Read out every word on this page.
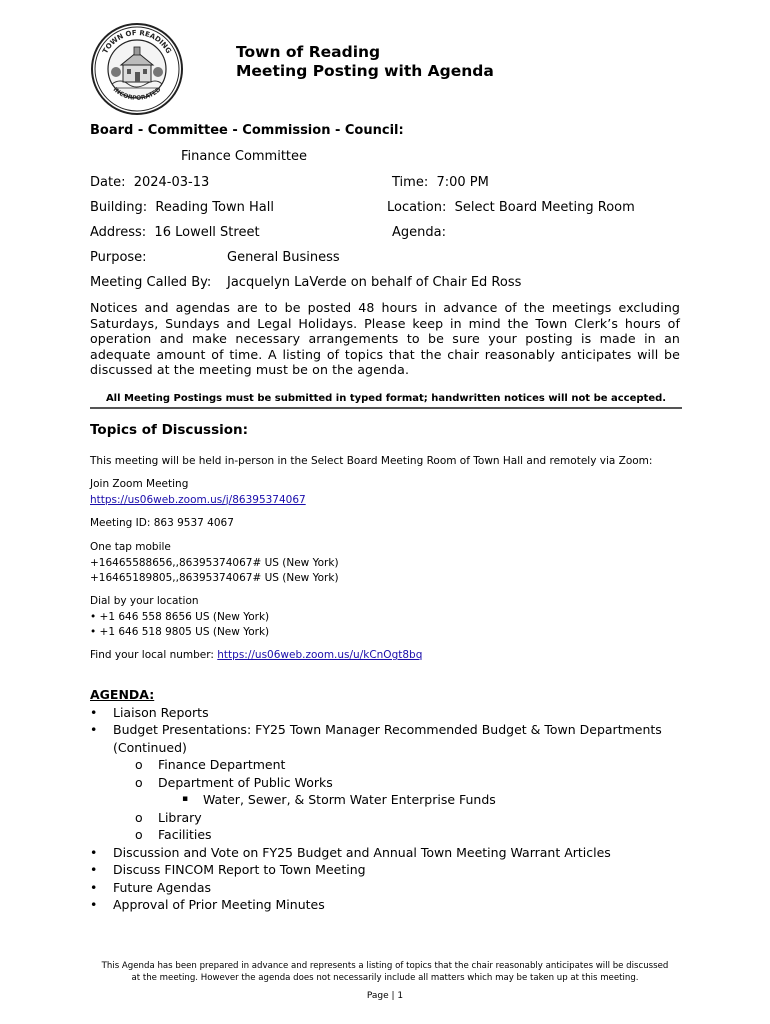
TOWN OF READING
INCORPORATED
Town of Reading
Meeting Posting with Agenda
Board - Committee - Commission - Council:
Finance Committee
Date: 2024-03-13	Time: 7:00 PM
Building: Reading Town Hall	Location: Select Board Meeting Room
Address: 16 Lowell Street	Agenda:
Purpose:	General Business
Meeting Called By: Jacquelyn LaVerde on behalf of Chair Ed Ross
Notices and agendas are to be posted 48 hours in advance of the meetings excluding Saturdays, Sundays and Legal Holidays. Please keep in mind the Town Clerk’s hours of operation and make necessary arrangements to be sure your posting is made in an adequate amount of time. A listing of topics that the chair reasonably anticipates will be discussed at the meeting must be on the agenda.
All Meeting Postings must be submitted in typed format; handwritten notices will not be accepted.
Topics of Discussion:
This meeting will be held in-person in the Select Board Meeting Room of Town Hall and remotely via Zoom:
Join Zoom Meeting
https://us06web.zoom.us/j/86395374067
Meeting ID: 863 9537 4067
One tap mobile
+16465588656,,86395374067# US (New York)
+16465189805,,86395374067# US (New York)
Dial by your location
• +1 646 558 8656 US (New York)
• +1 646 518 9805 US (New York)
Find your local number: https://us06web.zoom.us/u/kCnOgt8bq
AGENDA:
• Liaison Reports
• Budget Presentations: FY25 Town Manager Recommended Budget & Town Departments
(Continued)
o Finance Department
o Department of Public Works
▪ Water, Sewer, & Storm Water Enterprise Funds
o Library
o Facilities
• Discussion and Vote on FY25 Budget and Annual Town Meeting Warrant Articles
• Discuss FINCOM Report to Town Meeting
• Future Agendas
• Approval of Prior Meeting Minutes
This Agenda has been prepared in advance and represents a listing of topics that the chair reasonably anticipates will be discussed
at the meeting. However the agenda does not necessarily include all matters which may be taken up at this meeting.
Page | 1
